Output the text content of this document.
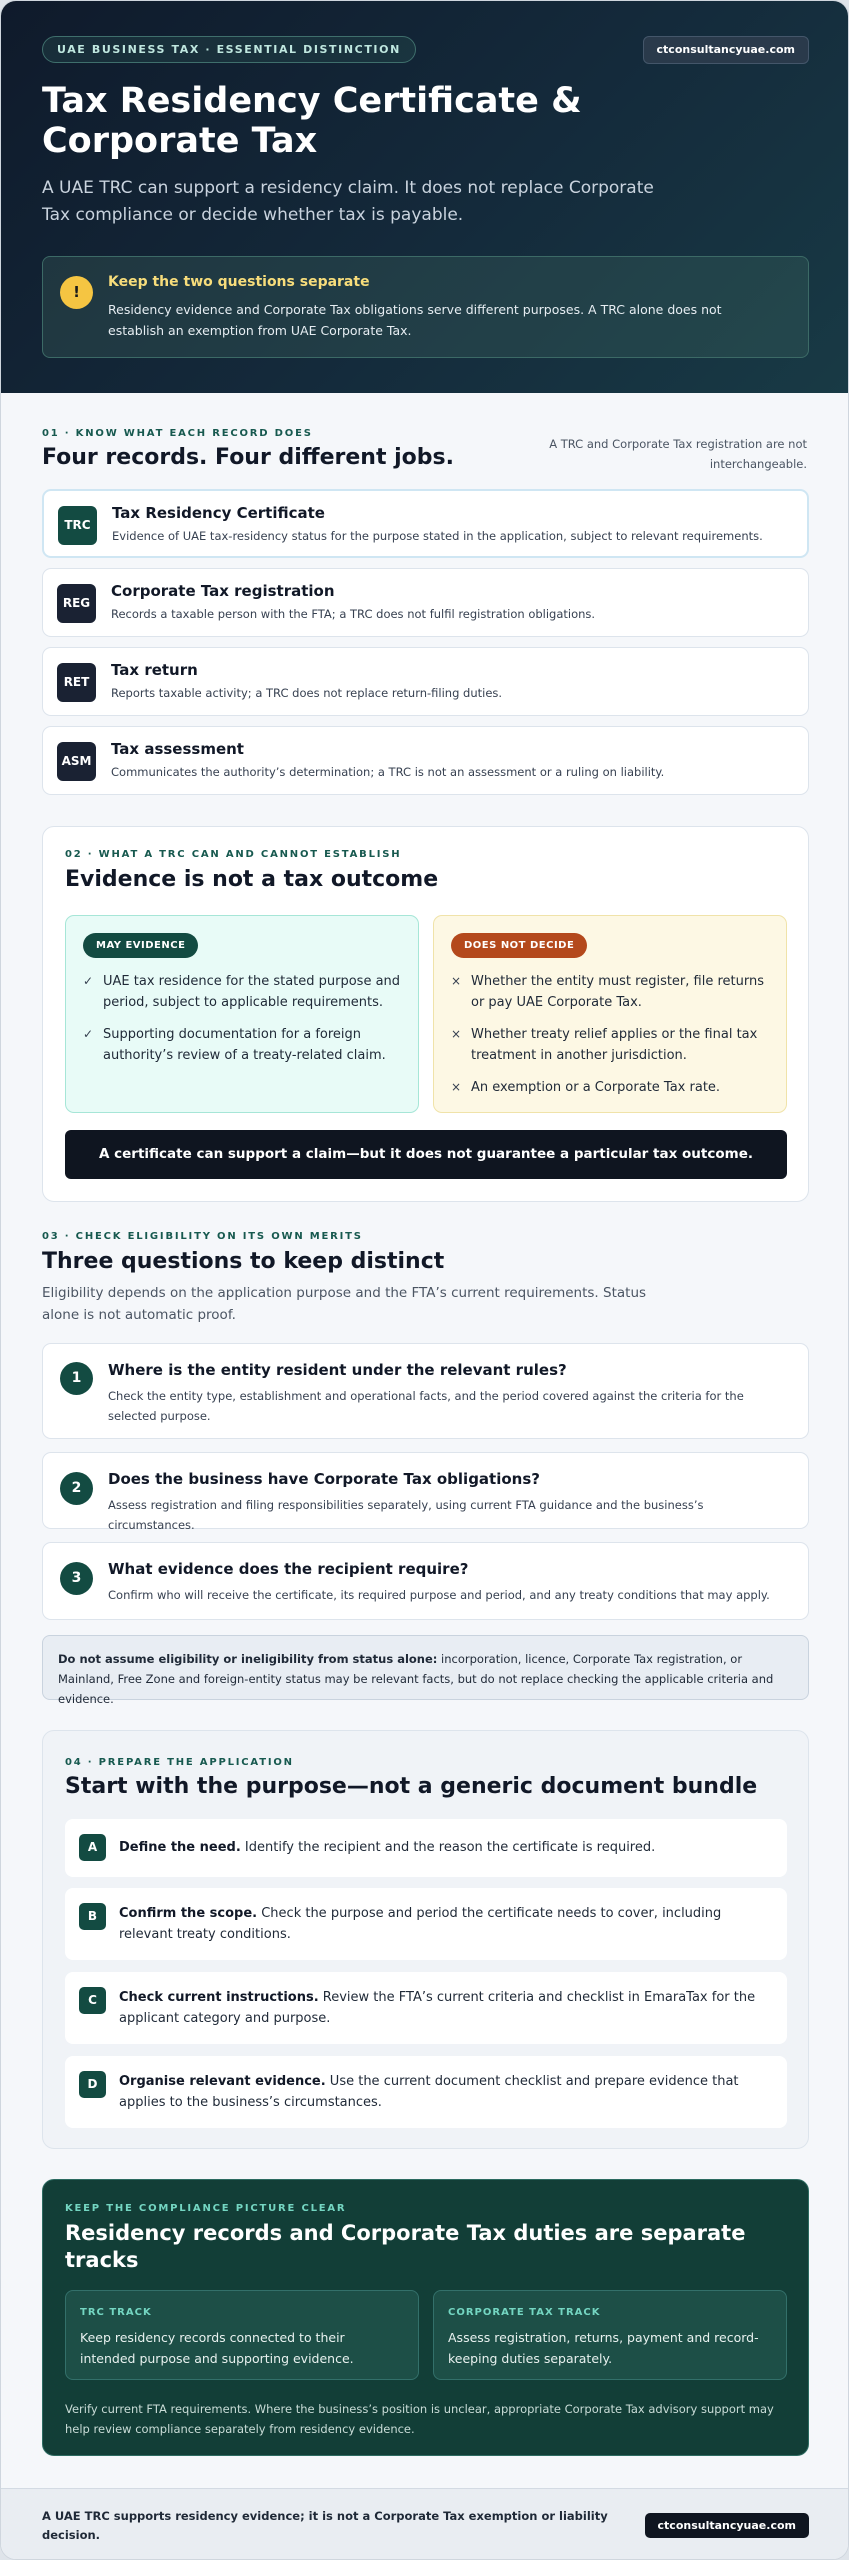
UAE BUSINESS TAX · ESSENTIAL DISTINCTION	ctconsultancyuae.com
Tax Residency Certificate & Corporate Tax
A UAE TRC can support a residency claim. It does not replace Corporate Tax compliance or decide whether tax is payable.
!
Keep the two questions separate
Residency evidence and Corporate Tax obligations serve different purposes. A TRC alone does not establish an exemption from UAE Corporate Tax.
01 · KNOW WHAT EACH RECORD DOES
Four records. Four different jobs.
A TRC and Corporate Tax registration are not interchangeable.
TRC
Tax Residency Certificate
Evidence of UAE tax-residency status for the purpose stated in the application, subject to relevant requirements.
REG
Corporate Tax registration
Records a taxable person with the FTA; a TRC does not fulfil registration obligations.
RET
Tax return
Reports taxable activity; a TRC does not replace return-filing duties.
ASM
Tax assessment
Communicates the authority’s determination; a TRC is not an assessment or a ruling on liability.
02 · WHAT A TRC CAN AND CANNOT ESTABLISH
Evidence is not a tax outcome
MAY EVIDENCE
✓ UAE tax residence for the stated purpose and period, subject to applicable requirements.
✓ Supporting documentation for a foreign authority’s review of a treaty-related claim.
DOES NOT DECIDE
× Whether the entity must register, file returns or pay UAE Corporate Tax.
× Whether treaty relief applies or the final tax treatment in another jurisdiction.
× An exemption or a Corporate Tax rate.
A certificate can support a claim—but it does not guarantee a particular tax outcome.
03 · CHECK ELIGIBILITY ON ITS OWN MERITS
Three questions to keep distinct
Eligibility depends on the application purpose and the FTA’s current requirements. Status alone is not automatic proof.
1	Where is the entity resident under the relevant rules?
Check the entity type, establishment and operational facts, and the period covered against the criteria for the selected purpose.
2	Does the business have Corporate Tax obligations?
Assess registration and filing responsibilities separately, using current FTA guidance and the business’s circumstances.
3	What evidence does the recipient require?
Confirm who will receive the certificate, its required purpose and period, and any treaty conditions that may apply.
Do not assume eligibility or ineligibility from status alone: incorporation, licence, Corporate Tax registration, or Mainland, Free Zone and foreign-entity status may be relevant facts, but do not replace checking the applicable criteria and evidence.
04 · PREPARE THE APPLICATION
Start with the purpose—not a generic document bundle
A	Define the need. Identify the recipient and the reason the certificate is required.
B	Confirm the scope. Check the purpose and period the certificate needs to cover, including relevant treaty conditions.
C	Check current instructions. Review the FTA’s current criteria and checklist in EmaraTax for the applicant category and purpose.
D	Organise relevant evidence. Use the current document checklist and prepare evidence that applies to the business’s circumstances.
KEEP THE COMPLIANCE PICTURE CLEAR
Residency records and Corporate Tax duties are separate tracks
TRC TRACK
Keep residency records connected to their intended purpose and supporting evidence.
CORPORATE TAX TRACK
Assess registration, returns, payment and record-keeping duties separately.
Verify current FTA requirements. Where the business’s position is unclear, appropriate Corporate Tax advisory support may help review compliance separately from residency evidence.
A UAE TRC supports residency evidence; it is not a Corporate Tax exemption or liability decision.
ctconsultancyuae.com
